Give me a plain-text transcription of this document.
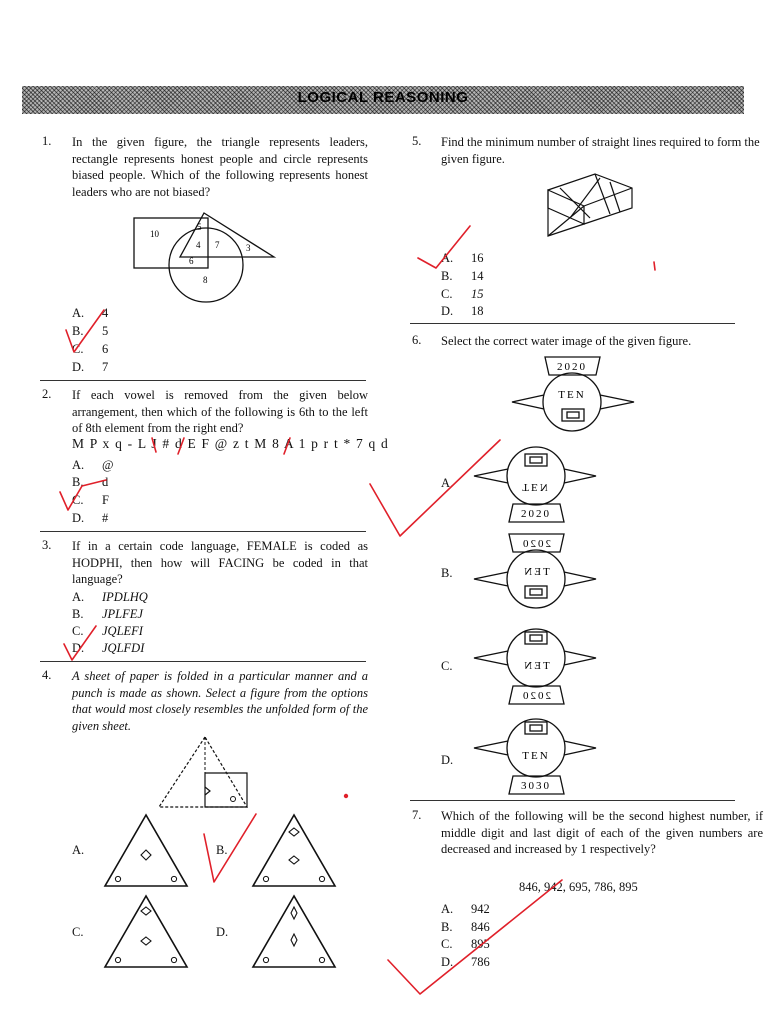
LOGICAL REASONING
1. In the given figure, the triangle represents leaders, rectangle represents honest people and circle represents biased people. Which of the following represents honest leaders who are not biased?
10
5
4 7	3
6
8
A. 4
B. 5
C. 6
D. 7
2. If each vowel is removed from the given below arrangement, then which of the following is 6th to the left of 8th element from the right end?
M P x q - L J # d E F @ z t M 8 A 1 p r t * 7 q d
A. @
B. d
C. F
D. #
3. If in a certain code language, FEMALE is coded as HODPHI, then how will FACING be coded in that language?
A. IPDLHQ
B. JPLFEJ
C. JQLEFI
D. JQLFDI
4. A sheet of paper is folded in a particular manner and a punch is made as shown. Select a figure from the options that would most closely resembles the unfolded form of the given sheet.
A.	B.
C.	D.
5. Find the minimum number of straight lines required to form the given figure.
A. 16
B. 14
C. 15
D. 18
6. Select the correct water image of the given figure.
2020
TEN
A.	TEN
2020
B.
2020
TEN
C.	TEN
2020
D.	TEN
3030
7. Which of the following will be the second highest number, if middle digit and last digit of each of the given numbers are decreased and increased by 1 respectively?
846, 942, 695, 786, 895
A. 942
B. 846
C. 895
D. 786
